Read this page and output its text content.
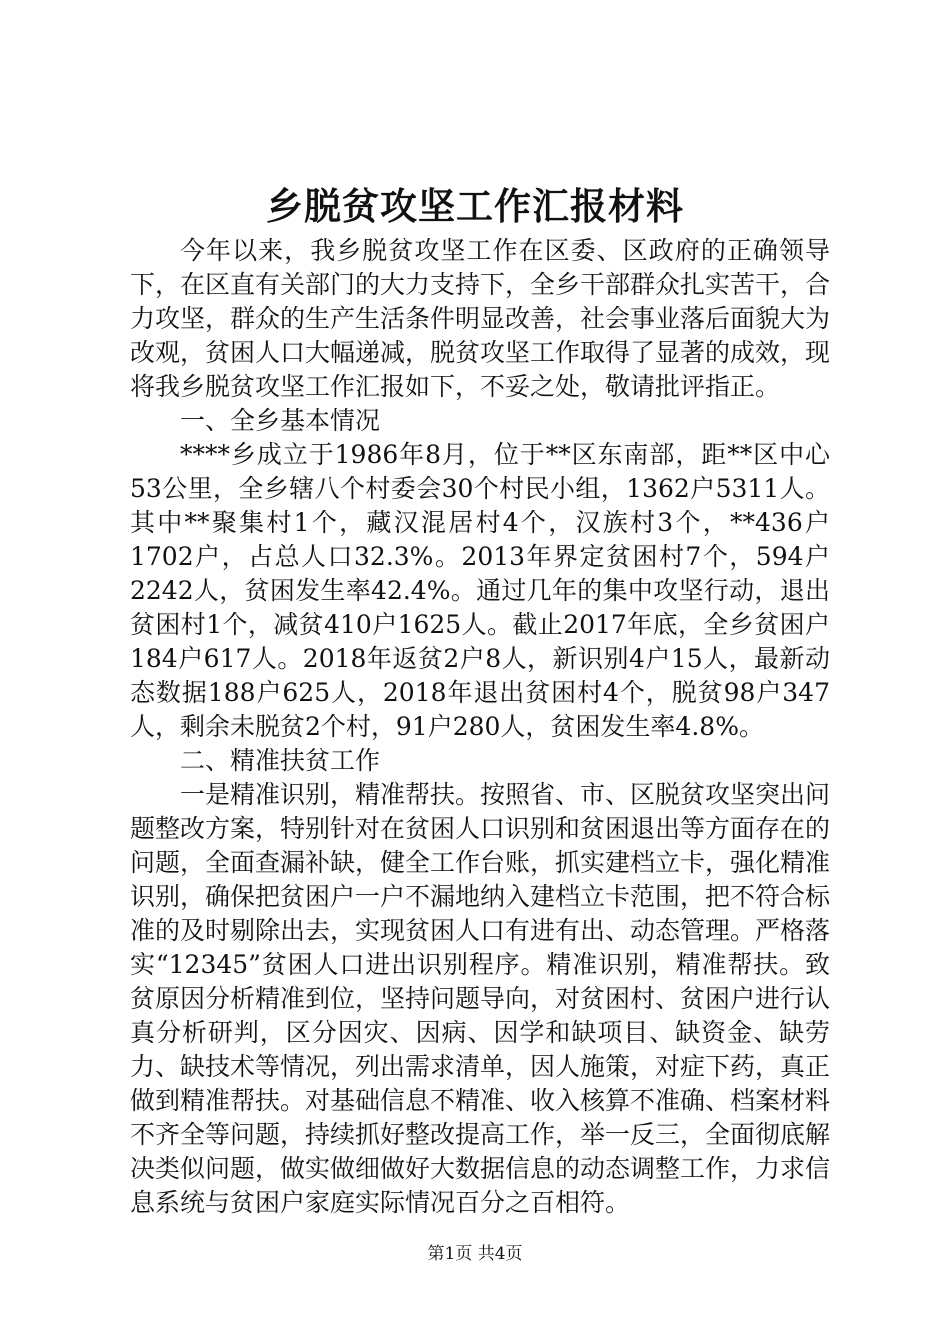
乡脱贫攻坚工作汇报材料

今年以来，我乡脱贫攻坚工作在区委、区政府的正确领导下，在区直有关部门的大力支持下，全乡干部群众扎实苦干，合力攻坚，群众的生产生活条件明显改善，社会事业落后面貌大为改观，贫困人口大幅递减，脱贫攻坚工作取得了显著的成效，现将我乡脱贫攻坚工作汇报如下，不妥之处，敬请批评指正。

一、全乡基本情况

****乡成立于1986年8月，位于**区东南部，距**区中心53公里，全乡辖八个村委会30个村民小组，1362户5311人。其中**聚集村1个，藏汉混居村4个，汉族村3个，**436户1702户，占总人口32.3%。2013年界定贫困村7个，594户2242人，贫困发生率42.4%。通过几年的集中攻坚行动，退出贫困村1个，减贫410户1625人。截止2017年底，全乡贫困户184户617人。2018年返贫2户8人，新识别4户15人，最新动态数据188户625人，2018年退出贫困村4个，脱贫98户347人，剩余未脱贫2个村，91户280人，贫困发生率4.8%。

二、精准扶贫工作

一是精准识别，精准帮扶。按照省、市、区脱贫攻坚突出问题整改方案，特别针对在贫困人口识别和贫困退出等方面存在的问题，全面查漏补缺，健全工作台账，抓实建档立卡，强化精准识别，确保把贫困户一户不漏地纳入建档立卡范围，把不符合标准的及时剔除出去，实现贫困人口有进有出、动态管理。严格落实“12345”贫困人口进出识别程序。精准识别，精准帮扶。致贫原因分析精准到位，坚持问题导向，对贫困村、贫困户进行认真分析研判，区分因灾、因病、因学和缺项目、缺资金、缺劳力、缺技术等情况，列出需求清单，因人施策，对症下药，真正做到精准帮扶。对基础信息不精准、收入核算不准确、档案材料不齐全等问题，持续抓好整改提高工作，举一反三，全面彻底解决类似问题，做实做细做好大数据信息的动态调整工作，力求信息系统与贫困户家庭实际情况百分之百相符。

第1页 共4页
